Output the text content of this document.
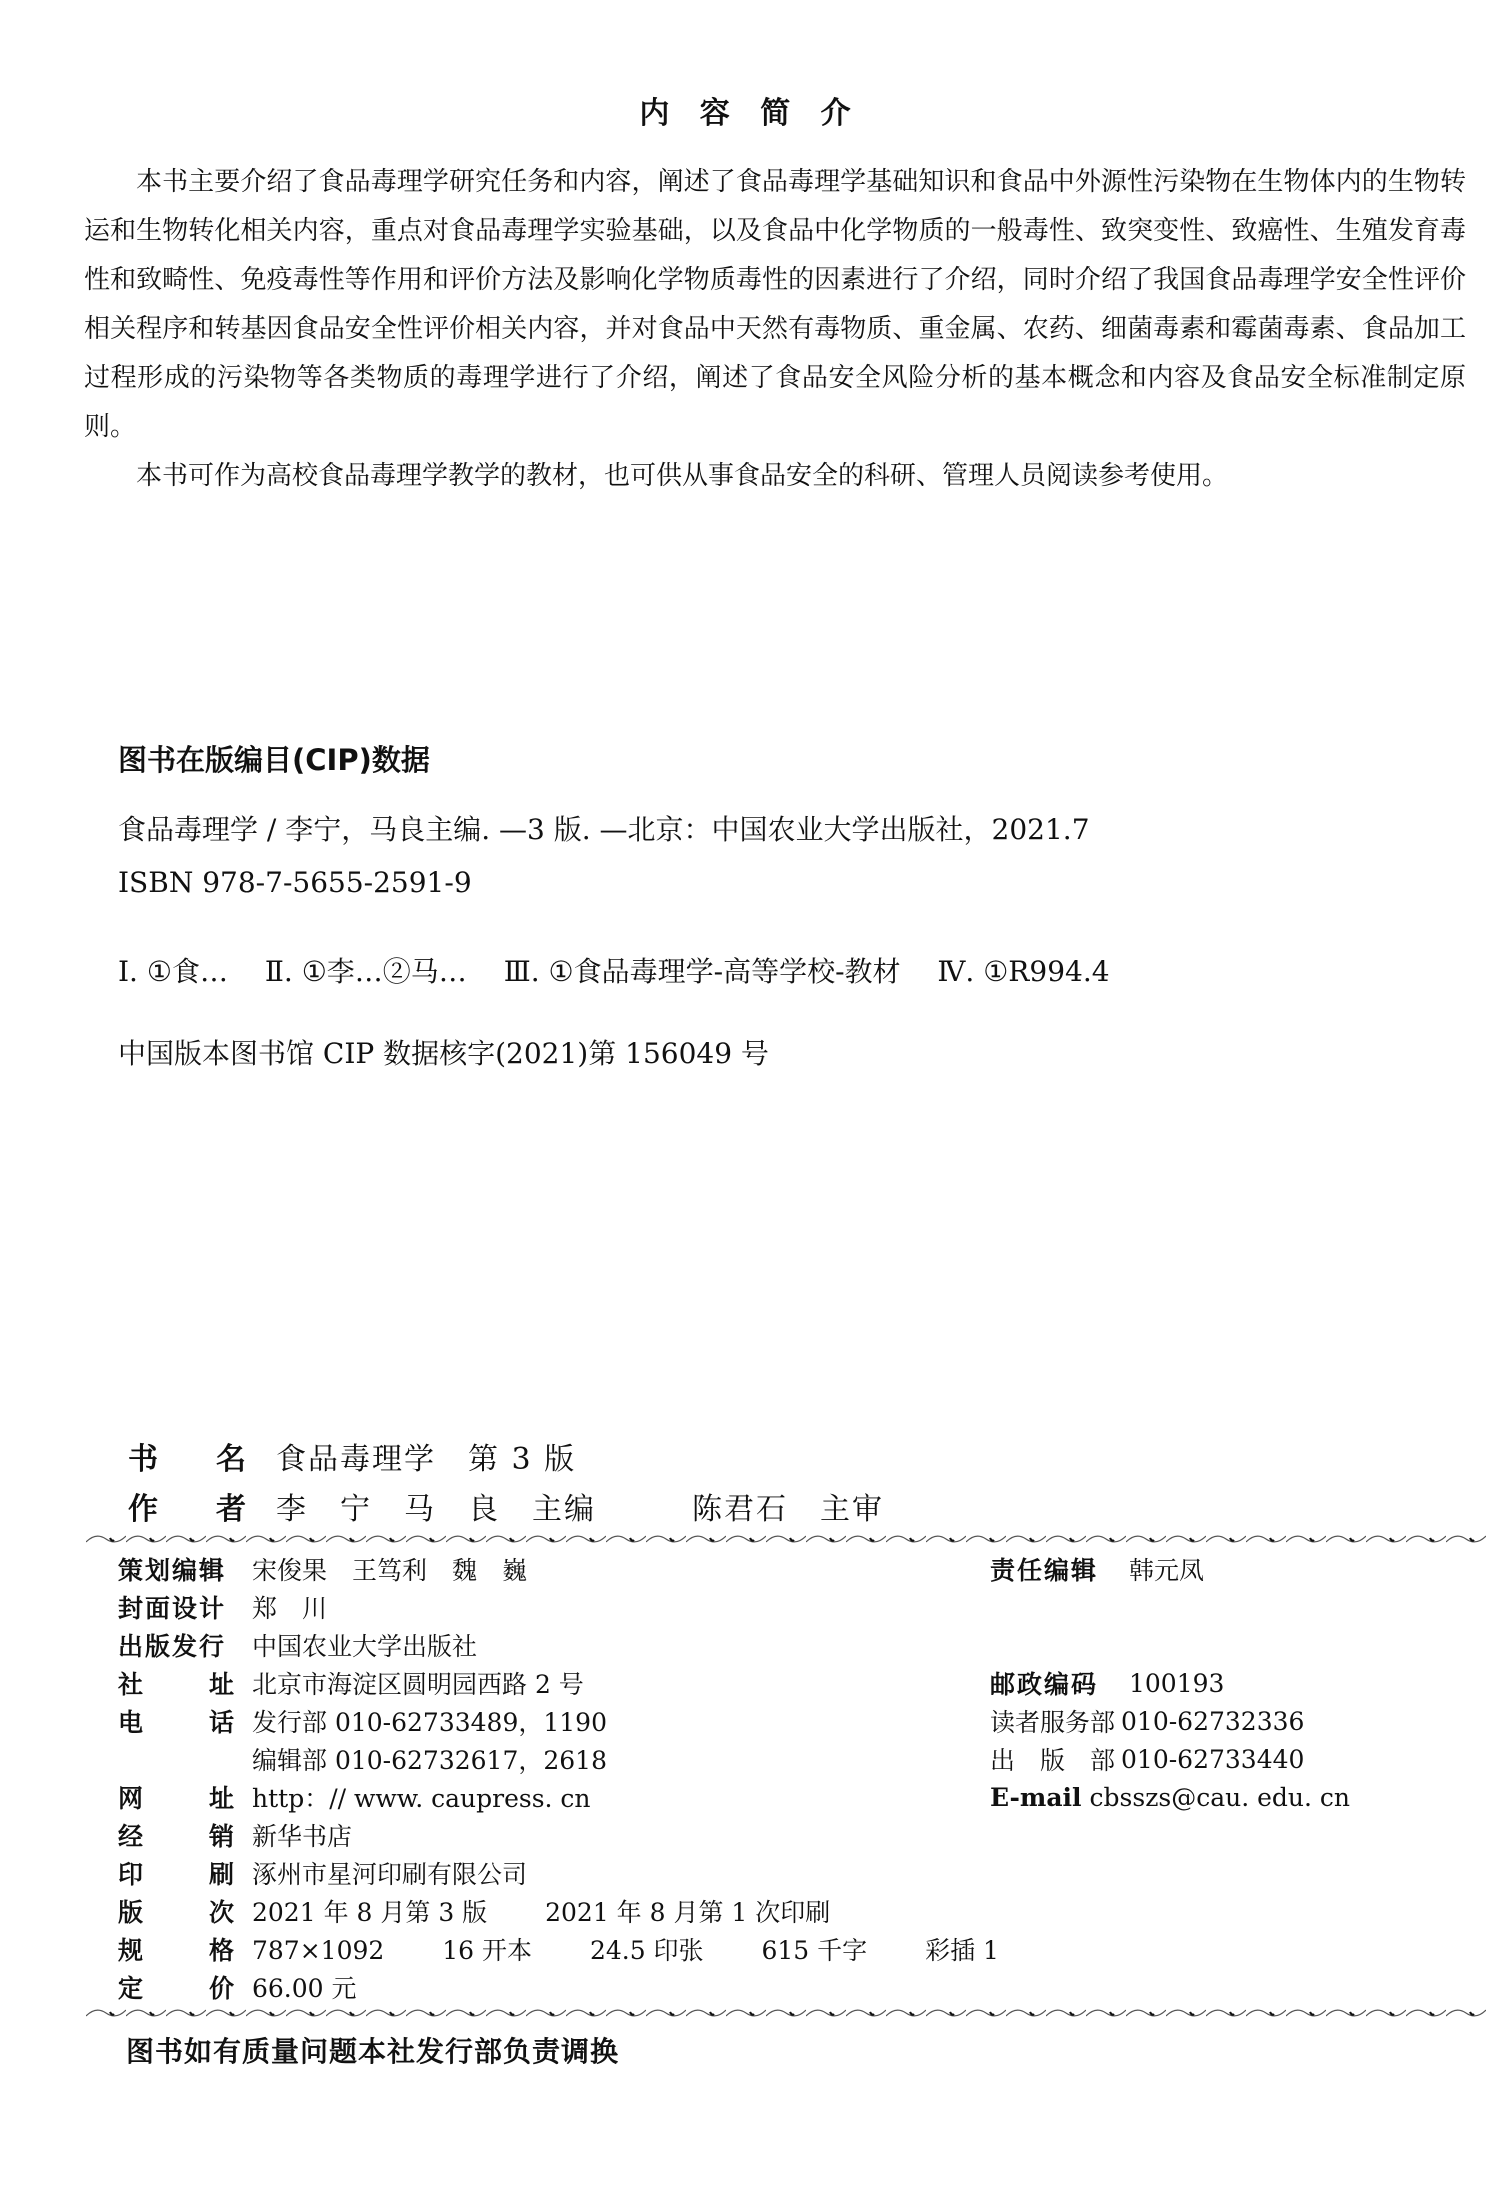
内 容 简 介

本书主要介绍了食品毒理学研究任务和内容，阐述了食品毒理学基础知识和食品中外源性污染物在生物体内的生物转运和生物转化相关内容，重点对食品毒理学实验基础，以及食品中化学物质的一般毒性、致突变性、致癌性、生殖发育毒性和致畸性、免疫毒性等作用和评价方法及影响化学物质毒性的因素进行了介绍，同时介绍了我国食品毒理学安全性评价相关程序和转基因食品安全性评价相关内容，并对食品中天然有毒物质、重金属、农药、细菌毒素和霉菌毒素、食品加工过程形成的污染物等各类物质的毒理学进行了介绍，阐述了食品安全风险分析的基本概念和内容及食品安全标准制定原则。

本书可作为高校食品毒理学教学的教材，也可供从事食品安全的科研、管理人员阅读参考使用。

图书在版编目(CIP)数据
食品毒理学 / 李宁，马良主编. —3 版. —北京：中国农业大学出版社，2021.7
ISBN 978-7-5655-2591-9
Ⅰ. ①食…　 Ⅱ. ①李…②马…　 Ⅲ. ①食品毒理学-高等学校-教材　 Ⅳ. ①R994.4
中国版本图书馆 CIP 数据核字(2021)第 156049 号
书 名 食品毒理学　第 3 版
作 者 李　宁　马　良　主编　　　陈君石　主审
策划编辑	宋俊果　王笃利　魏　巍
封面设计	郑　川
出版发行	中国农业大学出版社
社	址 北京市海淀区圆明园西路 2 号
电	话 发行部 010-62733489，1190
编辑部 010-62732617，2618
网	址 http：// www. caupress. cn
经	销 新华书店
印	刷 涿州市星河印刷有限公司
版	次 2021 年 8 月第 3 版　　 2021 年 8 月第 1 次印刷
规	格 787×1092　　 16 开本　　 24.5 印张　　 615 千字　　 彩插 1
定	价 66.00 元
责任编辑	韩元凤
邮政编码	100193
读者服务部 010-62732336
出　版　部 010-62733440
E-mail cbsszs@cau. edu. cn
图书如有质量问题本社发行部负责调换
